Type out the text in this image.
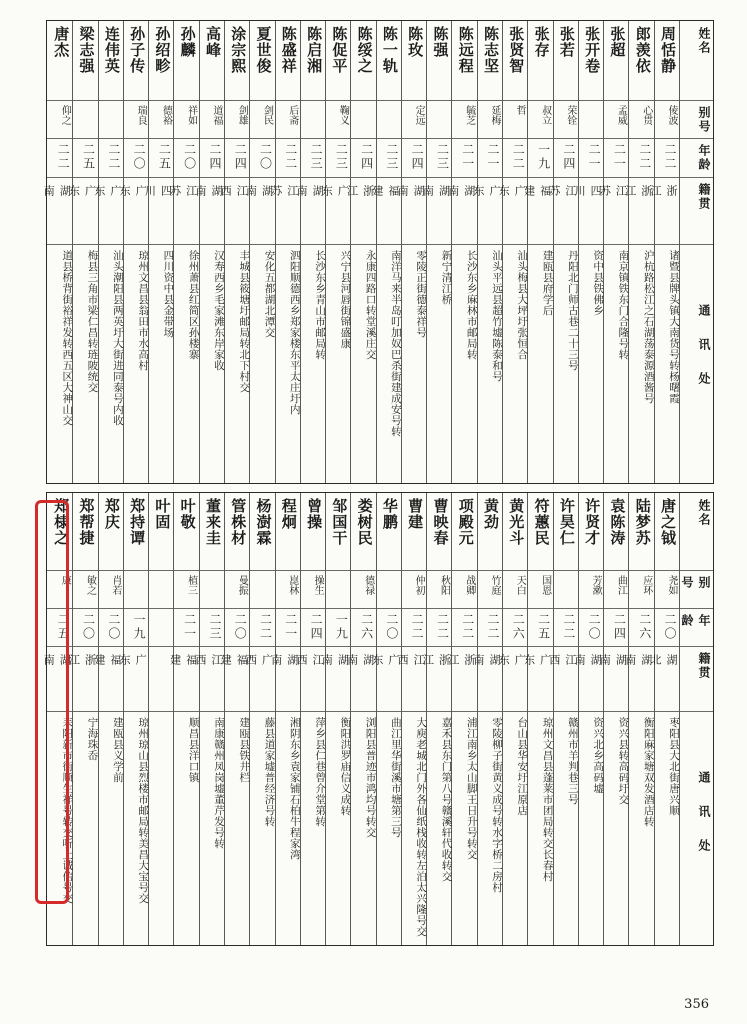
姓名
别号
年龄
籍贯
通讯处
周恬静
倰波
二二
浙江
诸暨县牌头镇大南货号转杨曙霞
郎羡依
心贯
二二
浙江
沪杭路松江之石湖荡泰源酒酱号
张超
孟威
二一
江苏
南京镇铁东门合隆号转
张开卷
二一
四川
资中县铁佛乡
张若
荣铨
二四
江苏
丹阳北门师古巷二十三号
张存
叔立
一九
福建
建瓯县府学后
张贤智
哲
二二
广东
汕头梅县大坪圩张恒合
陈志坚
延梅
二一
广东
汕头平远县超竹墟陈泰和号
陈远程
毓芝
二一
湖南
长沙东乡麻林市邮局转
陈强
二三
湖南
新宁清江桥
陈玫
定远
二四
湖南
零陵正街德泰祥号
陈一轨
二三
福建
南洋马来半岛叮加奴巴杀街建成安号转
陈绥之
二四
浙江
永康四路口转堂溪庄交
陈促平
鞠义
二三
广东
兴宁县河唇街锦盛康
陈启湘
二三
湖南
长沙东乡青山市邮局转
陈盛祥
后斋
二二
江苏
泗阳顺德西乡郑家楼东平太庄圩内
夏世俊
剑民
二〇
湖南
安化五都湖北潭交
涂宗熙
剑雄
二四
江西
丰城县筱塘圩邮局转北下村交
高峰
道福
二四
湖南
汉寿西乡毛家滩东岸家收
孙麟
祥如
二〇
江苏
徐州萧县红简区孙楼寨
孙绍畛
德裕
二五
四川
四川资中县金带场
孙子传
瑞良
二〇
广东
琼州文昌县翁田市水高村
连伟英
二二
广东
汕头潮阳县两英圩大街进同泰号内收
梁志强
二五
广东
梅县三角市梁仁昌转琏陂统交
唐杰
仰之
二二
湖南
道县桥背街裕祥发转西五区大神山交
姓名
别号
年龄
籍贯
通讯处
唐之钺
尧如
二〇
湖北
枣阳县大北街唐兴顺
陆梦苏
应环
二六
湖南
衡阳麻家塘双发酒店转
袁陈涛
曲江
二四
湖南
资兴县转高码圩交
许贤才
芳漱
二〇
湖南
资兴北乡高码墟
许昊仁
二二
江西
赣州市羊判巷三号
符蕙民
国恩
二五
广东
琼州文昌县蓬莱市团局转交长春村
黄光斗
天白
二六
广东
台山县华安圩江原店
黄劲
竹庭
二二
湖南
零陵柳子街黄义成号转水字桥二房村
项殿元
战卿
二二
浙江
浦江南乡太山脚王日升号转交
曹映春
秋阳
二二
浙江
嘉禾县东门第八号赣溪轩代收转交
曹建
仲初
二二
江西
大庾老城北门外各仙纸栈收转左泊太兴隆号交
华鹏
二〇
广东
曲江里华街溪市塘第三号
娄树民
德禄
二六
湖南
浏阳县普迹市鸿均号转交
邹国干
一九
湖南
衡阳洪罗庙信义成转
曾操
操生
二四
江西
萍乡县仁巷曾介堂第转
程炯
崑林
二一
湖南
湘阴东乡袁家铺石柏牛程家湾
杨澍霖
二二
广西
藤县道家墟普经济号转
管株材
曼振
二〇
福建
建瓯县铁井栏
董来圭
二三
江西
南康赣州凤岗墟董芹发号转
叶敬
植三
二一
福建
顺昌县洋口镇
叶固
郑持谭
一九
广东
琼州琼山县烈楼市邮局转美昌大宝号交
郑庆
肖若
二〇
福建
建瓯县义学前
郑帮捷
敏之
二〇
浙江
宁海珠岙
郑棣之
康
二五
湖南
耒阳新市街顺生祥号转交听上诚信号交
356
